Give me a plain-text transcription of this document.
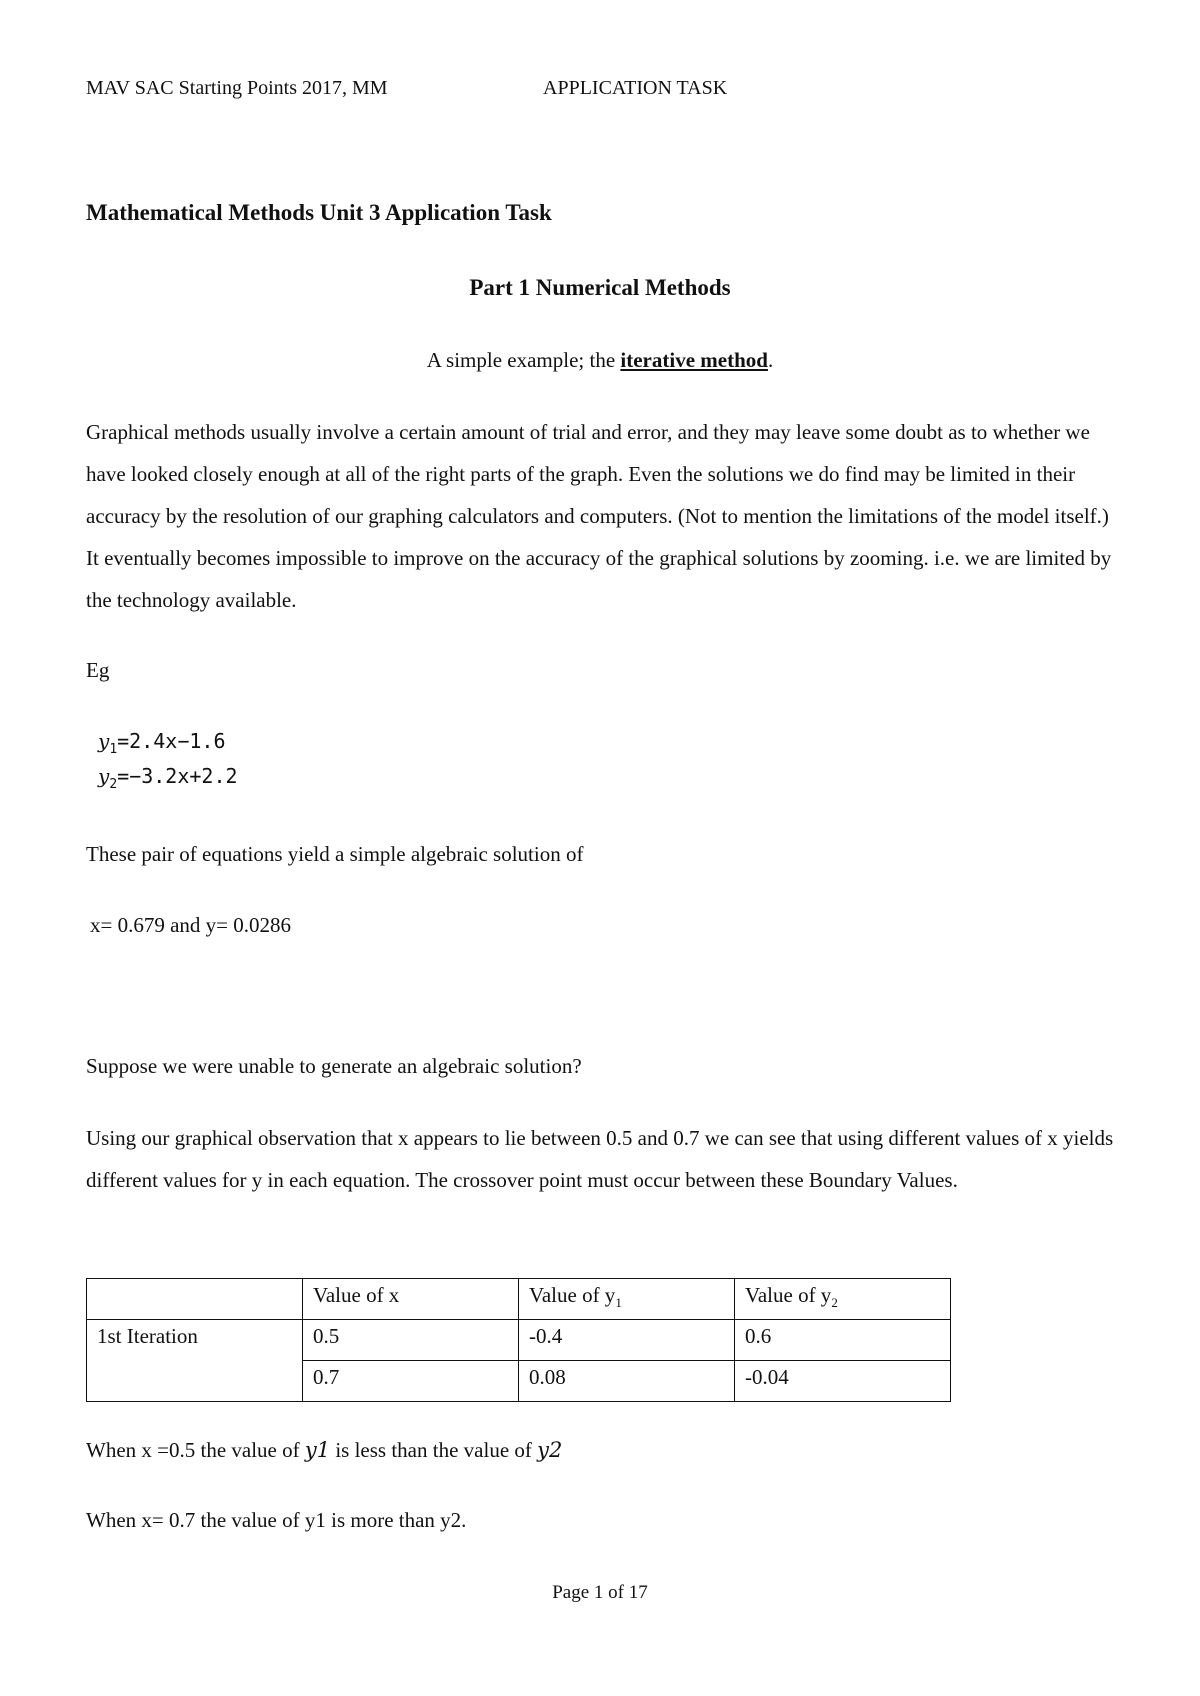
MAV SAC Starting Points 2017, MM	APPLICATION TASK
Mathematical Methods Unit 3 Application Task
Part 1 Numerical Methods
A simple example; the iterative method.
Graphical methods usually involve a certain amount of trial and error, and they may leave some doubt as to whether we have looked closely enough at all of the right parts of the graph. Even the solutions we do find may be limited in their accuracy by the resolution of our graphing calculators and computers. (Not to mention the limitations of the model itself.) It eventually becomes impossible to improve on the accuracy of the graphical solutions by zooming. i.e. we are limited by the technology available.
Eg
$y_1=2.4x-1.6$
$y_2=-3.2x+2.2$
These pair of equations yield a simple algebraic solution of
x= 0.679 and y= 0.0286
Suppose we were unable to generate an algebraic solution?
Using our graphical observation that x appears to lie between 0.5 and 0.7 we can see that using different values of x yields different values for y in each equation. The crossover point must occur between these Boundary Values.
	Value of x	Value of $y_1$	Value of $y_2$
1st Iteration	0.5	-0.4	0.6
	0.7	0.08	-0.04
When x =0.5 the value of y1 is less than the value of y2
When x= 0.7 the value of y1 is more than y2.
Page 1 of 17
